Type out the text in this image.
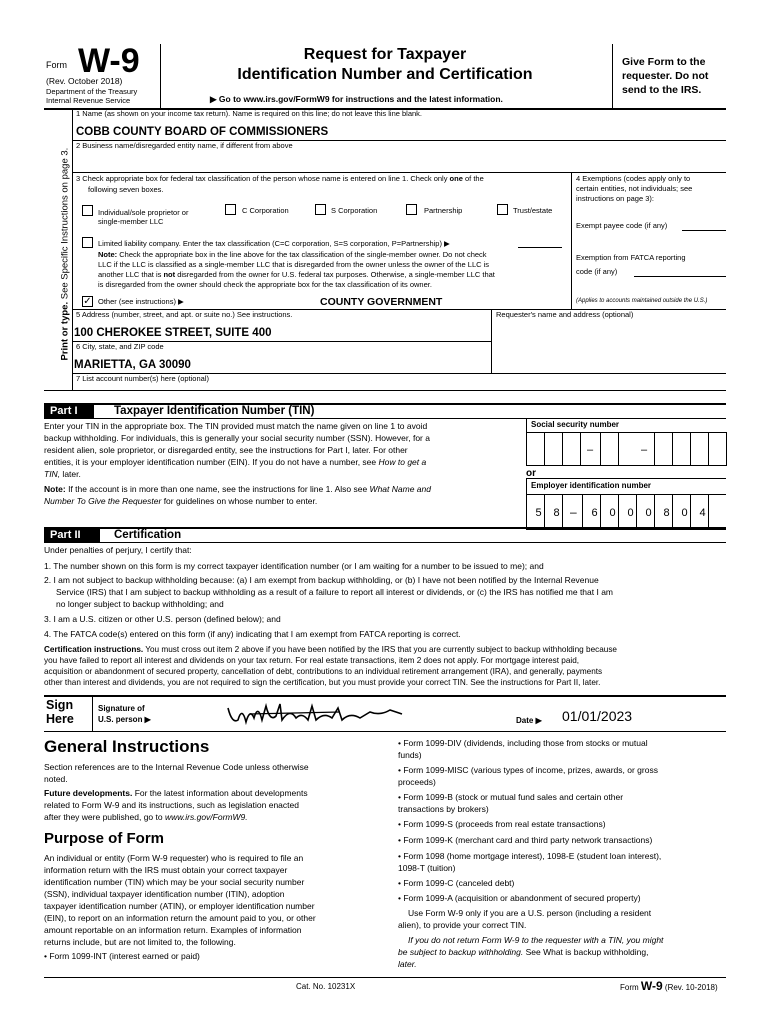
Form W-9
(Rev. October 2018)
Department of the Treasury
Internal Revenue Service
Request for Taxpayer
Identification Number and Certification
▶ Go to www.irs.gov/FormW9 for instructions and the latest information.
Give Form to the
requester. Do not
send to the IRS.
Print or type. See Specific Instructions on page 3.
1 Name (as shown on your income tax return). Name is required on this line; do not leave this line blank.
COBB COUNTY BOARD OF COMMISSIONERS
2 Business name/disregarded entity name, if different from above
3 Check appropriate box for federal tax classification of the person whose name is entered on line 1. Check only one of the
following seven boxes.
Individual/sole proprietor or
single-member LLC
C Corporation	S Corporation	Partnership	Trust/estate
Limited liability company. Enter the tax classification (C=C corporation, S=S corporation, P=Partnership) ▶
Note: Check the appropriate box in the line above for the tax classification of the single-member owner. Do not check
LLC if the LLC is classified as a single-member LLC that is disregarded from the owner unless the owner of the LLC is
another LLC that is not disregarded from the owner for U.S. federal tax purposes. Otherwise, a single-member LLC that
is disregarded from the owner should check the appropriate box for the tax classification of its owner.
✓ Other (see instructions) ▶	COUNTY GOVERNMENT
4 Exemptions (codes apply only to
certain entities, not individuals; see
instructions on page 3):
Exempt payee code (if any)
Exemption from FATCA reporting
code (if any)
(Applies to accounts maintained outside the U.S.)
5 Address (number, street, and apt. or suite no.) See instructions.	Requester's name and address (optional)
100 CHEROKEE STREET, SUITE 400
6 City, state, and ZIP code
MARIETTA, GA 30090
7 List account number(s) here (optional)
Part I	Taxpayer Identification Number (TIN)

Enter your TIN in the appropriate box. The TIN provided must match the name given on line 1 to avoid

backup withholding. For individuals, this is generally your social security number (SSN). However, for a

resident alien, sole proprietor, or disregarded entity, see the instructions for Part I, later. For other

entities, it is your employer identification number (EIN). If you do not have a number, see How to get a

TIN, later.

Note: If the account is in more than one name, see the instructions for line 1. Also see What Name and

Number To Give the Requester for guidelines on whose number to enter.

Social security number
–	–
or
Employer identification number
5	8	6	0	0	0	8	0	4
–
Part II	Certification

Under penalties of perjury, I certify that:

1. The number shown on this form is my correct taxpayer identification number (or I am waiting for a number to be issued to me); and

2. I am not subject to backup withholding because: (a) I am exempt from backup withholding, or (b) I have not been notified by the Internal Revenue

Service (IRS) that I am subject to backup withholding as a result of a failure to report all interest or dividends, or (c) the IRS has notified me that I am

no longer subject to backup withholding; and

3. I am a U.S. citizen or other U.S. person (defined below); and

4. The FATCA code(s) entered on this form (if any) indicating that I am exempt from FATCA reporting is correct.

Certification instructions. You must cross out item 2 above if you have been notified by the IRS that you are currently subject to backup withholding because

you have failed to report all interest and dividends on your tax return. For real estate transactions, item 2 does not apply. For mortgage interest paid,

acquisition or abandonment of secured property, cancellation of debt, contributions to an individual retirement arrangement (IRA), and generally, payments

other than interest and dividends, you are not required to sign the certification, but you must provide your correct TIN. See the instructions for Part II, later.

Sign
Here
Signature of
U.S. person ▶	Date ▶ 01/01/2023
General Instructions

Section references are to the Internal Revenue Code unless otherwise

noted.

Future developments. For the latest information about developments

related to Form W-9 and its instructions, such as legislation enacted

after they were published, go to www.irs.gov/FormW9.

Purpose of Form

An individual or entity (Form W-9 requester) who is required to file an

information return with the IRS must obtain your correct taxpayer

identification number (TIN) which may be your social security number

(SSN), individual taxpayer identification number (ITIN), adoption

taxpayer identification number (ATIN), or employer identification number

(EIN), to report on an information return the amount paid to you, or other

amount reportable on an information return. Examples of information

returns include, but are not limited to, the following.

• Form 1099-INT (interest earned or paid)

• Form 1099-DIV (dividends, including those from stocks or mutual

funds)

• Form 1099-MISC (various types of income, prizes, awards, or gross

proceeds)

• Form 1099-B (stock or mutual fund sales and certain other

transactions by brokers)

• Form 1099-S (proceeds from real estate transactions)

• Form 1099-K (merchant card and third party network transactions)

• Form 1098 (home mortgage interest), 1098-E (student loan interest),

1098-T (tuition)

• Form 1099-C (canceled debt)

• Form 1099-A (acquisition or abandonment of secured property)

Use Form W-9 only if you are a U.S. person (including a resident

alien), to provide your correct TIN.

If you do not return Form W-9 to the requester with a TIN, you might

be subject to backup withholding. See What is backup withholding,

later.

Cat. No. 10231X	Form W-9 (Rev. 10-2018)
